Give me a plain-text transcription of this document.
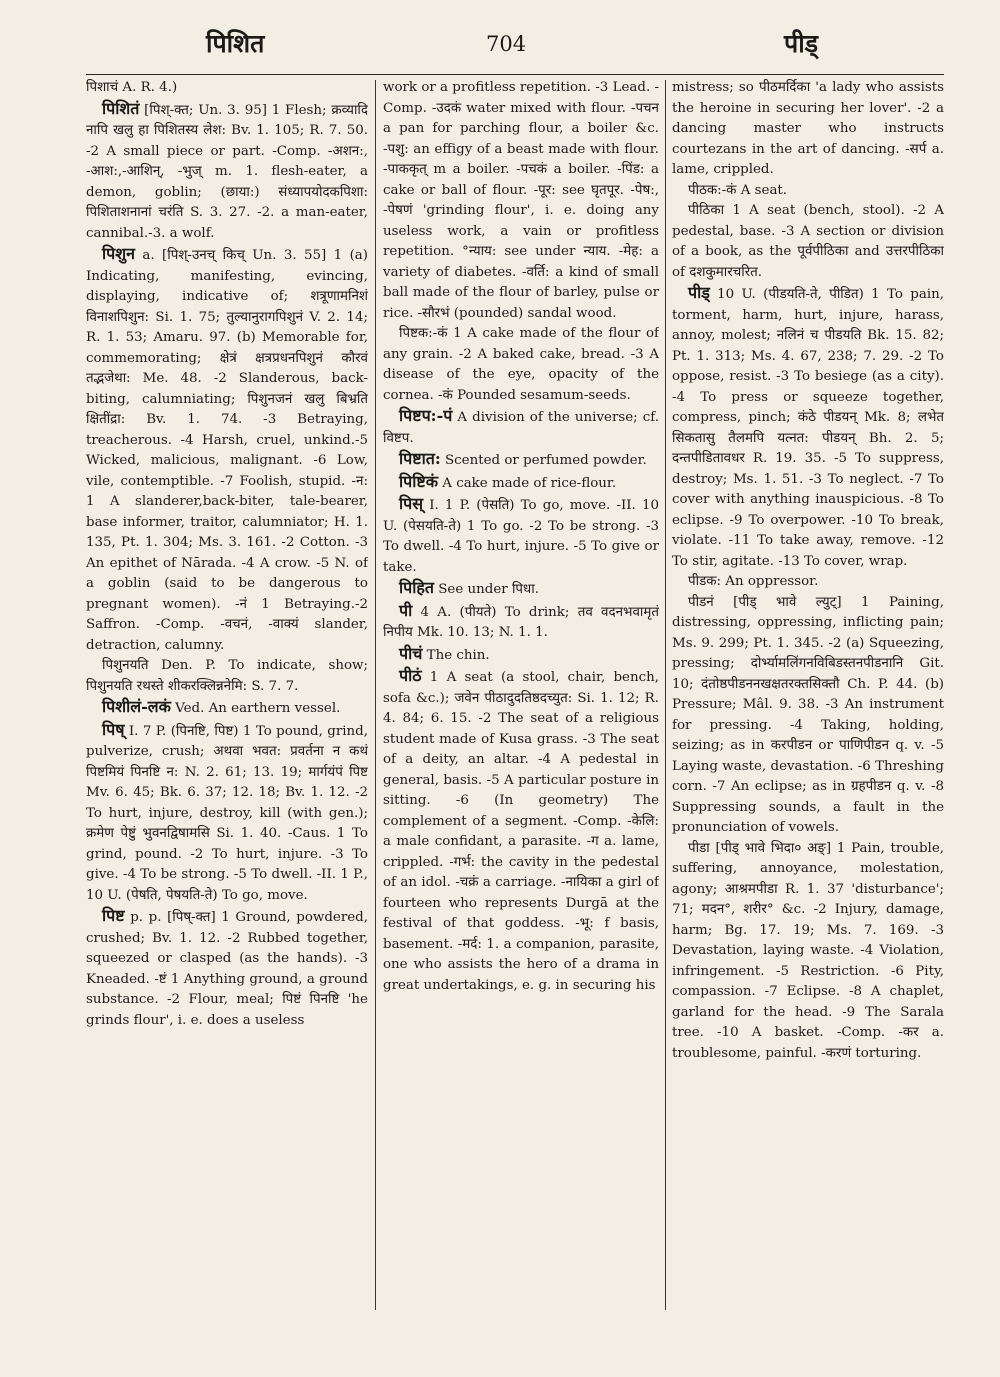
पिशित	704	पीड्

पिशाचं A. R. 4.)

पिशितं [पिश्-क्त; Un. 3. 95] 1 Flesh; क्रव्यादि नापि खलु हा पिशितस्य लेश: Bv. 1. 105; R. 7. 50. -2 A small piece or part. -Comp. -अशन:, -आश:,-आशिन्, -भुज् m. 1. flesh-eater, a demon, goblin; (छाया:) संध्यापयोदकपिशा: पिशिताशनानां चरंति S. 3. 27. -2. a man-eater, cannibal.-3. a wolf.

पिशुन a. [पिश्-उनच् किच् Un. 3. 55] 1 (a) Indicating, manifesting, evincing, displaying, indicative of; शत्रूणामनिशं विनाशपिशुन: Si. 1. 75; तुल्यानुरागपिशुनं V. 2. 14; R. 1. 53; Amaru. 97. (b) Memorable for, commemorating; क्षेत्रं क्षत्रप्रधनपिशुनं कौरवं तद्भजेथा: Me. 48. -2 Slanderous, back-biting, calumniating; पिशुनजनं खलु बिभ्रति क्षितींद्रा: Bv. 1. 74. -3 Betraying, treacherous. -4 Harsh, cruel, unkind.-5 Wicked, malicious, malignant. -6 Low, vile, contemptible. -7 Foolish, stupid. -न: 1 A slanderer,back-biter, tale-bearer, base informer, traitor, calumniator; H. 1. 135, Pt. 1. 304; Ms. 3. 161. -2 Cotton. -3 An epithet of Nārada. -4 A crow. -5 N. of a goblin (said to be dangerous to pregnant women). -नं 1 Betraying.-2 Saffron. -Comp. -वचनं, -वाक्यं slander, detraction, calumny.

पिशुनयति Den. P. To indicate, show; पिशुनयति रथस्ते शीकरक्लिन्ननेमि: S. 7. 7.

पिशीलं-लकं Ved. An earthern vessel.

पिष् I. 7 P. (पिनष्टि, पिष्ट) 1 To pound, grind, pulverize, crush; अथवा भवत: प्रवर्तना न कथं पिष्टमियं पिनष्टि न: N. 2. 61; 13. 19; मार्गयंपं पिष्ट Mv. 6. 45; Bk. 6. 37; 12. 18; Bv. 1. 12. -2 To hurt, injure, destroy, kill (with gen.); क्रमेण पेष्टुं भुवनद्विषामसि Si. 1. 40. -Caus. 1 To grind, pound. -2 To hurt, injure. -3 To give. -4 To be strong. -5 To dwell. -II. 1 P., 10 U. (पेषति, पेषयति-ते) To go, move.

पिष्ट p. p. [पिष्-क्त] 1 Ground, powdered, crushed; Bv. 1. 12. -2 Rubbed together, squeezed or clasped (as the hands). -3 Kneaded. -ष्टं 1 Anything ground, a ground substance. -2 Flour, meal; पिष्टं पिनष्टि 'he grinds flour', i. e. does a useless

work or a profitless repetition. -3 Lead. -Comp. -उदकं water mixed with flour. -पचन a pan for parching flour, a boiler &c. -पशु: an effigy of a beast made with flour. -पाककृत् m a boiler. -पचकं a boiler. -पिंड: a cake or ball of flour. -पूर: see घृतपूर. -पेष:, -पेषणं 'grinding flour', i. e. doing any useless work, a vain or profitless repetition. °न्याय: see under न्याय. -मेह: a variety of diabetes. -वर्ति: a kind of small ball made of the flour of barley, pulse or rice. -सौरभं (pounded) sandal wood.

पिष्टक:-कं 1 A cake made of the flour of any grain. -2 A baked cake, bread. -3 A disease of the eye, opacity of the cornea. -कं Pounded sesamum-seeds.

पिष्टप:-पं A division of the universe; cf. विष्टप.

पिष्टात: Scented or perfumed powder.

पिष्टिकं A cake made of rice-flour.

पिस् I. 1 P. (पेसति) To go, move. -II. 10 U. (पेसयति-ते) 1 To go. -2 To be strong. -3 To dwell. -4 To hurt, injure. -5 To give or take.

पिहित See under पिधा.

पी 4 A. (पीयते) To drink; तव वदनभवामृतं निपीय Mk. 10. 13; N. 1. 1.

पीचं The chin.

पीठं 1 A seat (a stool, chair, bench, sofa &c.); जवेन पीठादुदतिष्ठदच्युत: Si. 1. 12; R. 4. 84; 6. 15. -2 The seat of a religious student made of Kusa grass. -3 The seat of a deity, an altar. -4 A pedestal in general, basis. -5 A particular posture in sitting. -6 (In geometry) The complement of a segment. -Comp. -केलि: a male confidant, a parasite. -ग a. lame, crippled. -गर्भ: the cavity in the pedestal of an idol. -चक्रं a carriage. -नायिका a girl of fourteen who represents Durgā at the festival of that goddess. -भू: f basis, basement. -मर्द: 1. a companion, parasite, one who assists the hero of a drama in great undertakings, e. g. in securing his

mistress; so पीठमर्दिका 'a lady who assists the heroine in securing her lover'. -2 a dancing master who instructs courtezans in the art of dancing. -सर्प a. lame, crippled.

पीठक:-कं A seat.

पीठिका 1 A seat (bench, stool). -2 A pedestal, base. -3 A section or division of a book, as the पूर्वपीठिका and उत्तरपीठिका of दशकुमारचरित.

पीड् 10 U. (पीडयति-ते, पीडित) 1 To pain, torment, harm, hurt, injure, harass, annoy, molest; नलिनं च पीडयति Bk. 15. 82; Pt. 1. 313; Ms. 4. 67, 238; 7. 29. -2 To oppose, resist. -3 To besiege (as a city). -4 To press or squeeze together, compress, pinch; कंठे पीडयन् Mk. 8; लभेत सिकतासु तैलमपि यत्नत: पीडयन् Bh. 2. 5; दन्तपीडितावधर R. 19. 35. -5 To suppress, destroy; Ms. 1. 51. -3 To neglect. -7 To cover with anything inauspicious. -8 To eclipse. -9 To overpower. -10 To break, violate. -11 To take away, remove. -12 To stir, agitate. -13 To cover, wrap.

पीडक: An oppressor.

पीडनं [पीड् भावे ल्युट्] 1 Paining, distressing, oppressing, inflicting pain; Ms. 9. 299; Pt. 1. 345. -2 (a) Squeezing, pressing; दोर्भ्यामलिंगनविबिडस्तनपीडनानि Git. 10; दंतोष्ठपीडननखक्षतरक्तसिक्तौ Ch. P. 44. (b) Pressure; Mâl. 9. 38. -3 An instrument for pressing. -4 Taking, holding, seizing; as in करपीडन or पाणिपीडन q. v. -5 Laying waste, devastation. -6 Threshing corn. -7 An eclipse; as in ग्रहपीडन q. v. -8 Suppressing sounds, a fault in the pronunciation of vowels.

पीडा [पीड् भावे भिदा० अङ्] 1 Pain, trouble, suffering, annoyance, molestation, agony; आश्रमपीडा R. 1. 37 'disturbance'; 71; मदन°, शरीर° &c. -2 Injury, damage, harm; Bg. 17. 19; Ms. 7. 169. -3 Devastation, laying waste. -4 Violation, infringement. -5 Restriction. -6 Pity, compassion. -7 Eclipse. -8 A chaplet, garland for the head. -9 The Sarala tree. -10 A basket. -Comp. -कर a. troublesome, painful. -करणं torturing.
